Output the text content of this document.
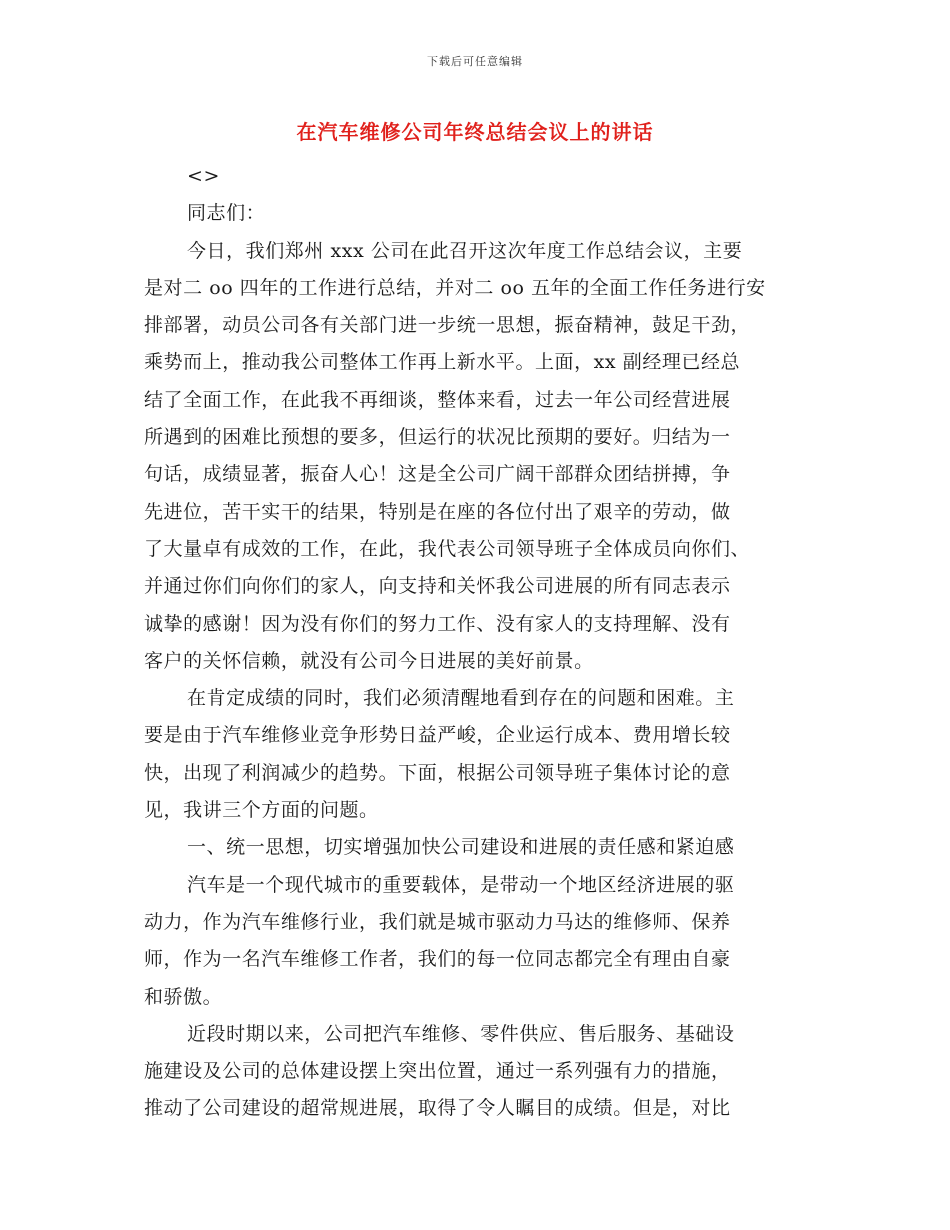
下载后可任意编辑
在汽车维修公司年终总结会议上的讲话
<>
同志们：
今日，我们郑州 xxx 公司在此召开这次年度工作总结会议，主要
是对二 oo 四年的工作进行总结，并对二 oo 五年的全面工作任务进行安
排部署，动员公司各有关部门进一步统一思想，振奋精神，鼓足干劲，
乘势而上，推动我公司整体工作再上新水平。上面，xx 副经理已经总
结了全面工作，在此我不再细谈，整体来看，过去一年公司经营进展
所遇到的困难比预想的要多，但运行的状况比预期的要好。归结为一
句话，成绩显著，振奋人心！这是全公司广阔干部群众团结拼搏，争
先进位，苦干实干的结果，特别是在座的各位付出了艰辛的劳动，做
了大量卓有成效的工作，在此，我代表公司领导班子全体成员向你们、
并通过你们向你们的家人，向支持和关怀我公司进展的所有同志表示
诚挚的感谢！因为没有你们的努力工作、没有家人的支持理解、没有
客户的关怀信赖，就没有公司今日进展的美好前景。
在肯定成绩的同时，我们必须清醒地看到存在的问题和困难。主
要是由于汽车维修业竞争形势日益严峻，企业运行成本、费用增长较
快，出现了利润减少的趋势。下面，根据公司领导班子集体讨论的意
见，我讲三个方面的问题。
一、统一思想，切实增强加快公司建设和进展的责任感和紧迫感
汽车是一个现代城市的重要载体，是带动一个地区经济进展的驱
动力，作为汽车维修行业，我们就是城市驱动力马达的维修师、保养
师，作为一名汽车维修工作者，我们的每一位同志都完全有理由自豪
和骄傲。
近段时期以来，公司把汽车维修、零件供应、售后服务、基础设
施建设及公司的总体建设摆上突出位置，通过一系列强有力的措施，
推动了公司建设的超常规进展，取得了令人瞩目的成绩。但是，对比
